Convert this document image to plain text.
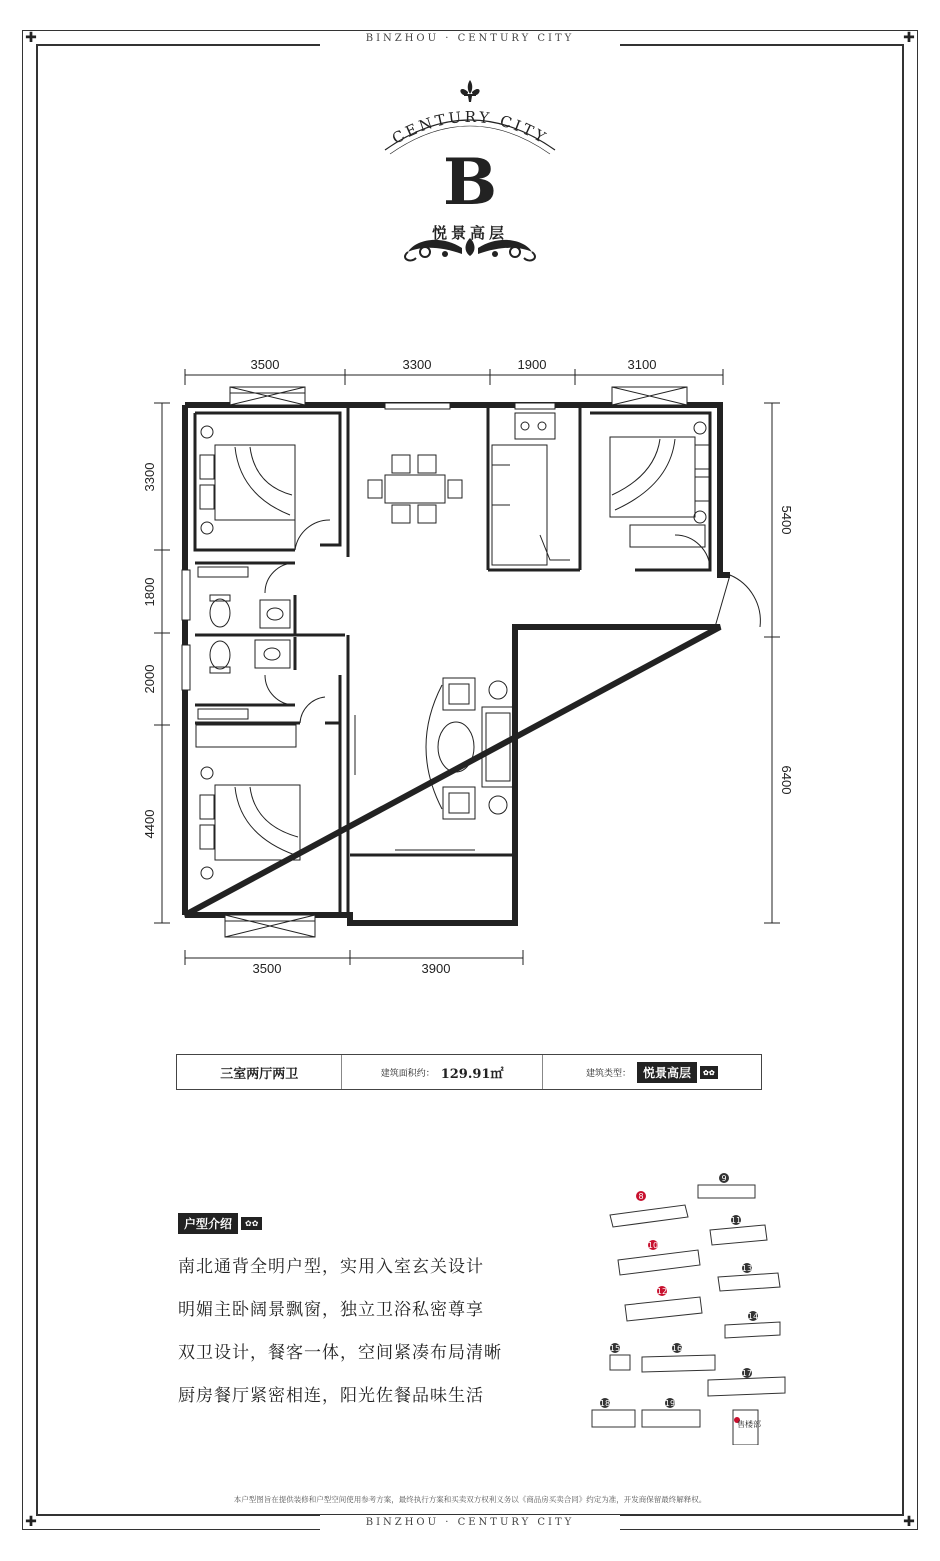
✚	✚
✚	✚
BINZHOU · CENTURY CITY
BINZHOU · CENTURY CITY
CENTURY CITY
B
悦景高层
3500	3300	1900	3100
3500	3900
3300
1800
2000
4400
5400
6400
三室两厅两卫	建筑面积约： 129.91㎡	建筑类型：	悦景高层	✿✿
户型介绍	✿✿
南北通背全明户型，实用入室玄关设计
明媚主卧阔景飘窗，独立卫浴私密尊享
双卫设计，餐客一体，空间紧凑布局清晰
厨房餐厅紧密相连，阳光佐餐品味生活
8
9
10
11
12
13
14
15	16
17
18	19
售楼部
本户型图旨在提供装修和户型空间使用参考方案，最终执行方案和买卖双方权利义务以《商品房买卖合同》约定为准，开发商保留最终解释权。
